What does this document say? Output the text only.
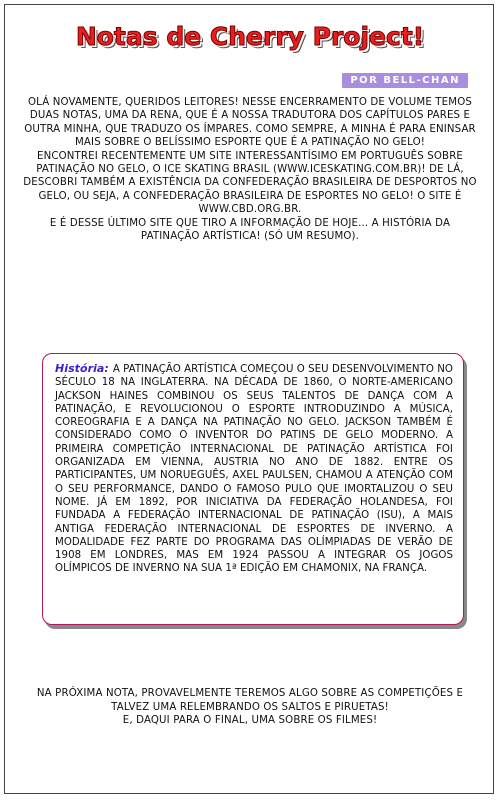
Notas de Cherry Project!
POR BELL-CHAN

OLÁ NOVAMENTE, QUERIDOS LEITORES! NESSE ENCERRAMENTO DE VOLUME TEMOS DUAS NOTAS, UMA DA RENA, QUE É A NOSSA TRADUTORA DOS CAPÍTULOS PARES E OUTRA MINHA, QUE TRADUZO OS ÍMPARES. COMO SEMPRE, A MINHA É PARA ENINSAR MAIS SOBRE O BELÍSSIMO ESPORTE QUE É A PATINAÇÃO NO GELO!

ENCONTREI RECENTEMENTE UM SITE INTERESSANTÍSIMO EM PORTUGUÊS SOBRE PATINAÇÃO NO GELO, O ICE SKATING BRASIL (WWW.ICESKATING.COM.BR)! DE LÁ, DESCOBRI TAMBÉM A EXISTÊNCIA DA CONFEDERAÇÃO BRASILEIRA DE DESPORTOS NO GELO, OU SEJA, A CONFEDERAÇÃO BRASILEIRA DE ESPORTES NO GELO! O SITE É WWW.CBD.ORG.BR.

E É DESSE ÚLTIMO SITE QUE TIRO A INFORMAÇÃO DE HOJE... A HISTÓRIA DA PATINAÇÃO ARTÍSTICA! (SÓ UM RESUMO).

História: A PATINAÇÃO ARTÍSTICA COMEÇOU O SEU DESENVOLVIMENTO NO SÉCULO 18 NA INGLATERRA. NA DÉCADA DE 1860, O NORTE-AMERICANO JACKSON HAINES COMBINOU OS SEUS TALENTOS DE DANÇA COM A PATINAÇÃO, E REVOLUCIONOU O ESPORTE INTRODUZINDO A MÚSICA, COREOGRAFIA E A DANÇA NA PATINAÇÃO NO GELO. JACKSON TAMBÉM É CONSIDERADO COMO O INVENTOR DO PATINS DE GELO MODERNO. A PRIMEIRA COMPETIÇÃO INTERNACIONAL DE PATINAÇÃO ARTÍSTICA FOI ORGANIZADA EM VIENNA, AUSTRIA NO ANO DE 1882. ENTRE OS PARTICIPANTES, UM NORUEGUÊS, AXEL PAULSEN, CHAMOU A ATENÇÃO COM O SEU PERFORMANCE, DANDO O FAMOSO PULO QUE IMORTALIZOU O SEU NOME. JÁ EM 1892, POR INICIATIVA DA FEDERAÇÃO HOLANDESA, FOI FUNDADA A FEDERAÇÃO INTERNACIONAL DE PATINAÇÃO (ISU), A MAIS ANTIGA FEDERAÇÃO INTERNACIONAL DE ESPORTES DE INVERNO. A MODALIDADE FEZ PARTE DO PROGRAMA DAS OLÍMPIADAS DE VERÃO DE 1908 EM LONDRES, MAS EM 1924 PASSOU A INTEGRAR OS JOGOS OLÍMPICOS DE INVERNO NA SUA 1ª EDIÇÃO EM CHAMONIX, NA FRANÇA.

NA PRÓXIMA NOTA, PROVAVELMENTE TEREMOS ALGO SOBRE AS COMPETIÇÕES E TALVEZ UMA RELEMBRANDO OS SALTOS E PIRUETAS!

E, DAQUI PARA O FINAL, UMA SOBRE OS FILMES!
